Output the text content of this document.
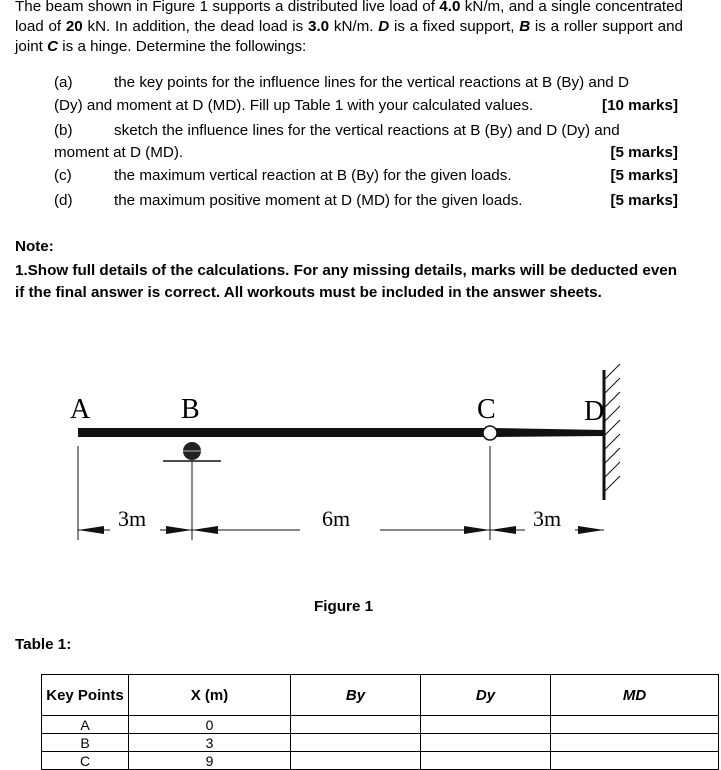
The beam shown in Figure 1 supports a distributed live load of 4.0 kN/m, and a single concentrated load of 20 kN. In addition, the dead load is 3.0 kN/m. D is a fixed support, B is a roller support and joint C is a hinge. Determine the followings:
(a)	the key points for the influence lines for the vertical reactions at B (By) and D
(Dy) and moment at D (MD). Fill up Table 1 with your calculated values.	[10 marks]
(b)	sketch the influence lines for the vertical reactions at B (By) and D (Dy) and
moment at D (MD).	[5 marks]
(c)	the maximum vertical reaction at B (By) for the given loads.	[5 marks]
(d)	the maximum positive moment at D (MD) for the given loads.	[5 marks]
Note:
1.Show full details of the calculations. For any missing details, marks will be deducted even if the final answer is correct. All workouts must be included in the answer sheets.
A	B	C	D
3m	6m	3m
Figure 1
Table 1:
Key Points	X (m)	By	Dy	MD
A	0			
B	3			
C	9			
